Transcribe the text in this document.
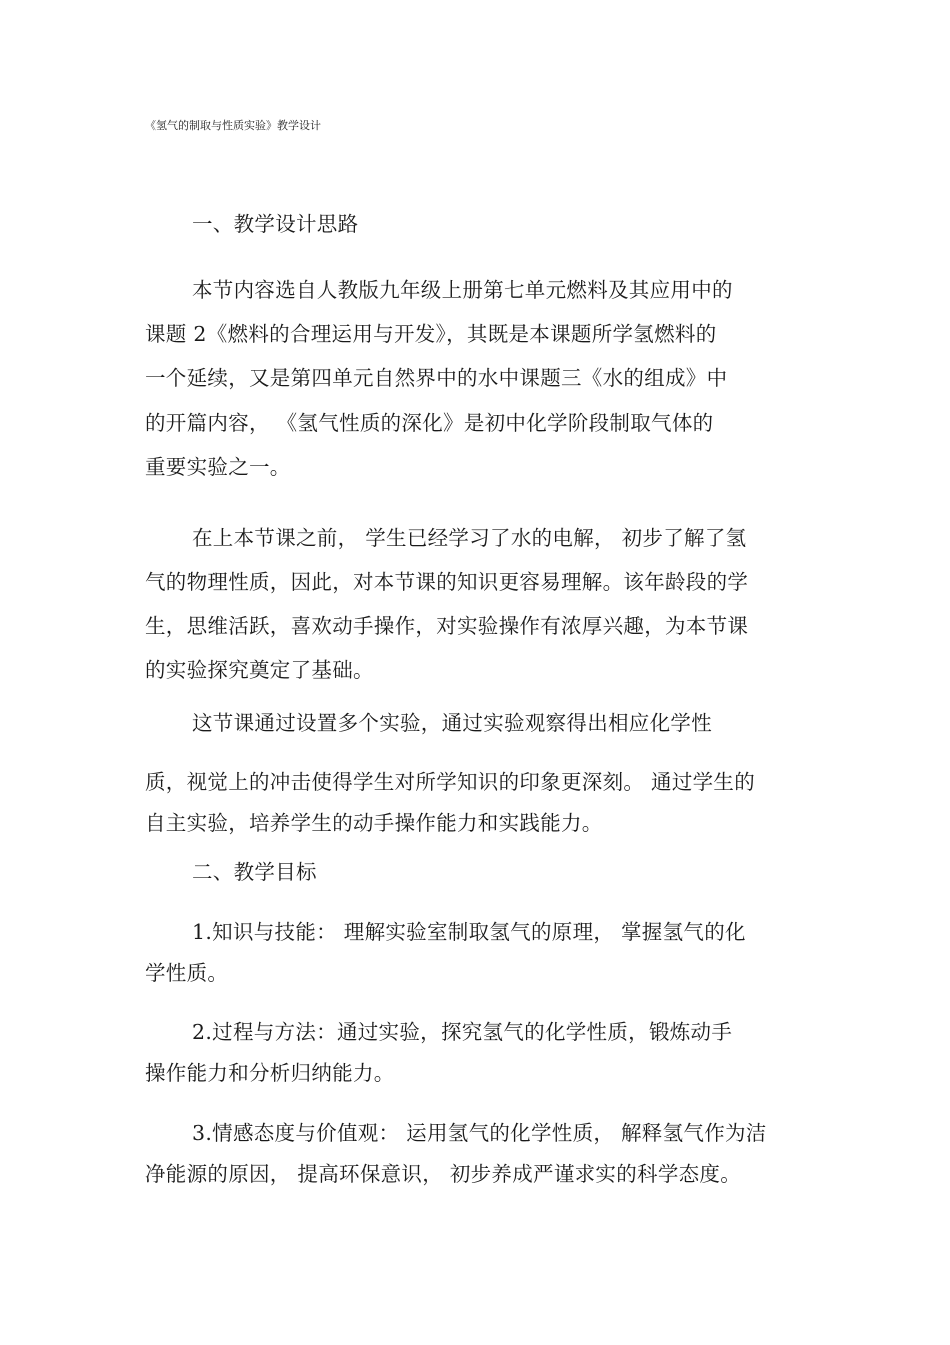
《氢气的制取与性质实验》教学设计
一、教学设计思路
本节内容选自人教版九年级上册第七单元燃料及其应用中的
课题 2《燃料的合理运用与开发》，其既是本课题所学氢燃料的
一个延续，又是第四单元自然界中的水中课题三《水的组成》中
的开篇内容， 《氢气性质的深化》是初中化学阶段制取气体的
重要实验之一。
在上本节课之前， 学生已经学习了水的电解， 初步了解了氢
气的物理性质，因此，对本节课的知识更容易理解。该年龄段的学
生，思维活跃，喜欢动手操作，对实验操作有浓厚兴趣，为本节课
的实验探究奠定了基础。
这节课通过设置多个实验，通过实验观察得出相应化学性
质，视觉上的冲击使得学生对所学知识的印象更深刻。 通过学生的
自主实验，培养学生的动手操作能力和实践能力。
二、教学目标
1.知识与技能： 理解实验室制取氢气的原理， 掌握氢气的化
学性质。
2.过程与方法：通过实验，探究氢气的化学性质，锻炼动手
操作能力和分析归纳能力。
3.情感态度与价值观： 运用氢气的化学性质， 解释氢气作为洁
净能源的原因， 提高环保意识， 初步养成严谨求实的科学态度。
